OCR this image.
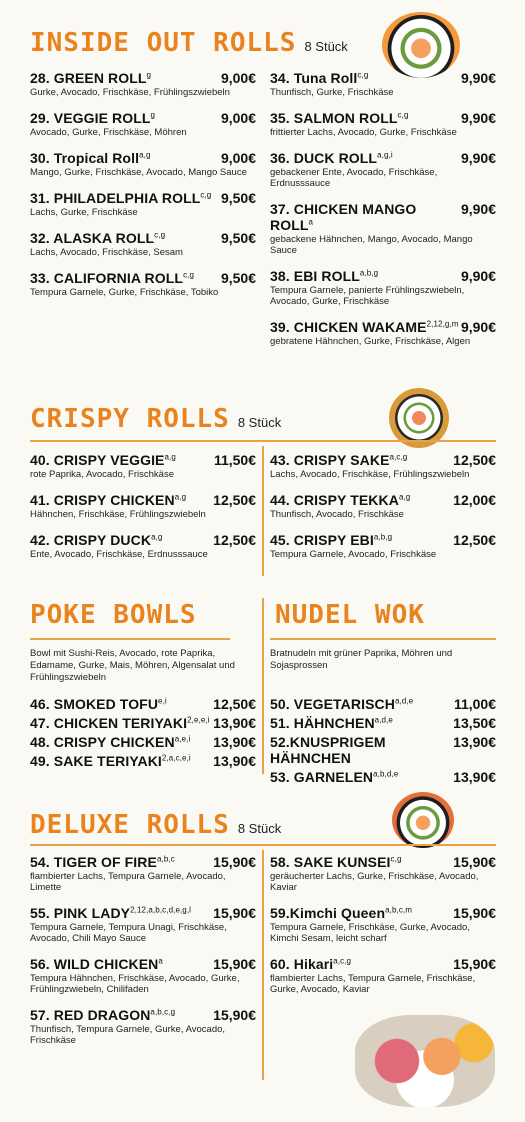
INSIDE OUT ROLLS 8 Stück
28. GREEN ROLL$^g$	9,00€
Gurke, Avocado, Frischkäse, Frühlingszwiebeln
29. VEGGIE ROLL$^g$	9,00€
Avocado, Gurke, Frischkäse, Möhren
30. Tropical Roll$^{a,g}$	9,00€
Mango, Gurke, Frischkäse, Avocado, Mango Sauce
31. PHILADELPHIA ROLL$^{c,g}$ 9,50€
Lachs, Gurke, Frischkäse
32. ALASKA ROLL$^{c,g}$	9,50€
Lachs, Avocado, Frischkäse, Sesam
33. CALIFORNIA ROLL$^{c,g}$ 9,50€
Tempura Garnele, Gurke, Frischkäse, Tobiko
34. Tuna Roll$^{c,g}$	9,90€
Thunfisch, Gurke, Frischkäse
35. SALMON ROLL$^{c,g}$	9,90€
frittierter Lachs, Avocado, Gurke, Frischkäse
36. DUCK ROLL$^{a,g,i}$	9,90€
gebackener Ente, Avocado, Frischkäse, Erdnusssauce
37. CHICKEN MANGO ROLL$^a$
9,90€
gebackene Hähnchen, Mango, Avocado, Mango Sauce
38. EBI ROLL$^{a,b,g}$	9,90€
Tempura Garnele, panierte Frühlingszwiebeln, Avocado, Gurke, Frischkäse
39. CHICKEN WAKAME$^{2,12,g,m}$ 9,90€
gebratene Hähnchen, Gurke, Frischkäse, Algen
CRISPY ROLLS 8 Stück
40. CRISPY VEGGIE$^{a,g}$	11,50€
rote Paprika, Avocado, Frischkäse
41. CRISPY CHICKEN$^{a,g}$ 12,50€
Hähnchen, Frischkäse, Frühlingszwiebeln
42. CRISPY DUCK$^{a,g}$	12,50€
Ente, Avocado, Frischkäse, Erdnusssauce
43. CRISPY SAKE$^{a,c,g}$	12,50€
Lachs, Avocado, Frischkäse, Frühlingszwiebeln
44. CRISPY TEKKA$^{a,g}$	12,00€
Thunfisch, Avocado, Frischkäse
45. CRISPY EBI$^{a,b,g}$	12,50€
Tempura Garnele, Avocado, Frischkäse
POKE BOWLS
Bowl mit Sushi-Reis, Avocado, rote Paprika, Edamame, Gurke, Mais, Möhren, Algensalat und Frühlingszwiebeln
46. SMOKED TOFU$^{e,i}$	12,50€
47. CHICKEN TERIYAKI$^{2,e,e,i}$ 13,90€
48. CRISPY CHICKEN$^{a,e,i}$ 13,90€
49. SAKE TERIYAKI$^{2,a,c,e,i}$ 13,90€
NUDEL WOK
Bratnudeln mit grüner Paprika, Möhren und Sojasprossen
50. VEGETARISCH$^{a,d,e}$	11,00€
51. HÄHNCHEN$^{a,d,e}$	13,50€
52.KNUSPRIGEM HÄHNCHEN
13,90€
53. GARNELEN$^{a,b,d,e}$	13,90€
DELUXE ROLLS 8 Stück
54. TIGER OF FIRE$^{a,b,c}$	15,90€
flambierter Lachs, Tempura Garnele, Avocado, Limette
55. PINK LADY$^{2,12,a,b,c,d,e,g,l}$ 15,90€
Tempura Garnele, Tempura Unagi, Frischkäse, Avocado, Chili Mayo Sauce
56. WILD CHICKEN$^a$	15,90€
Tempura Hähnchen, Frischkäse, Avocado, Gurke, Frühlingzwiebeln, Chilifaden
57. RED DRAGON$^{a,b,c,g}$	15,90€
Thunfisch, Tempura Garnele, Gurke, Avocado, Frischkäse
58. SAKE KUNSEI$^{c,g}$	15,90€
geräucherter Lachs, Gurke, Frischkäse, Avocado, Kaviar
59.Kimchi Queen$^{a,b,c,m}$	15,90€
Tempura Garnele, Frischkäse, Gurke, Avocado, Kimchi Sesam, leicht scharf
60. Hikari$^{a,c,g}$	15,90€
flambierter Lachs, Tempura Garnele, Frischkäse, Gurke, Avocado, Kaviar
